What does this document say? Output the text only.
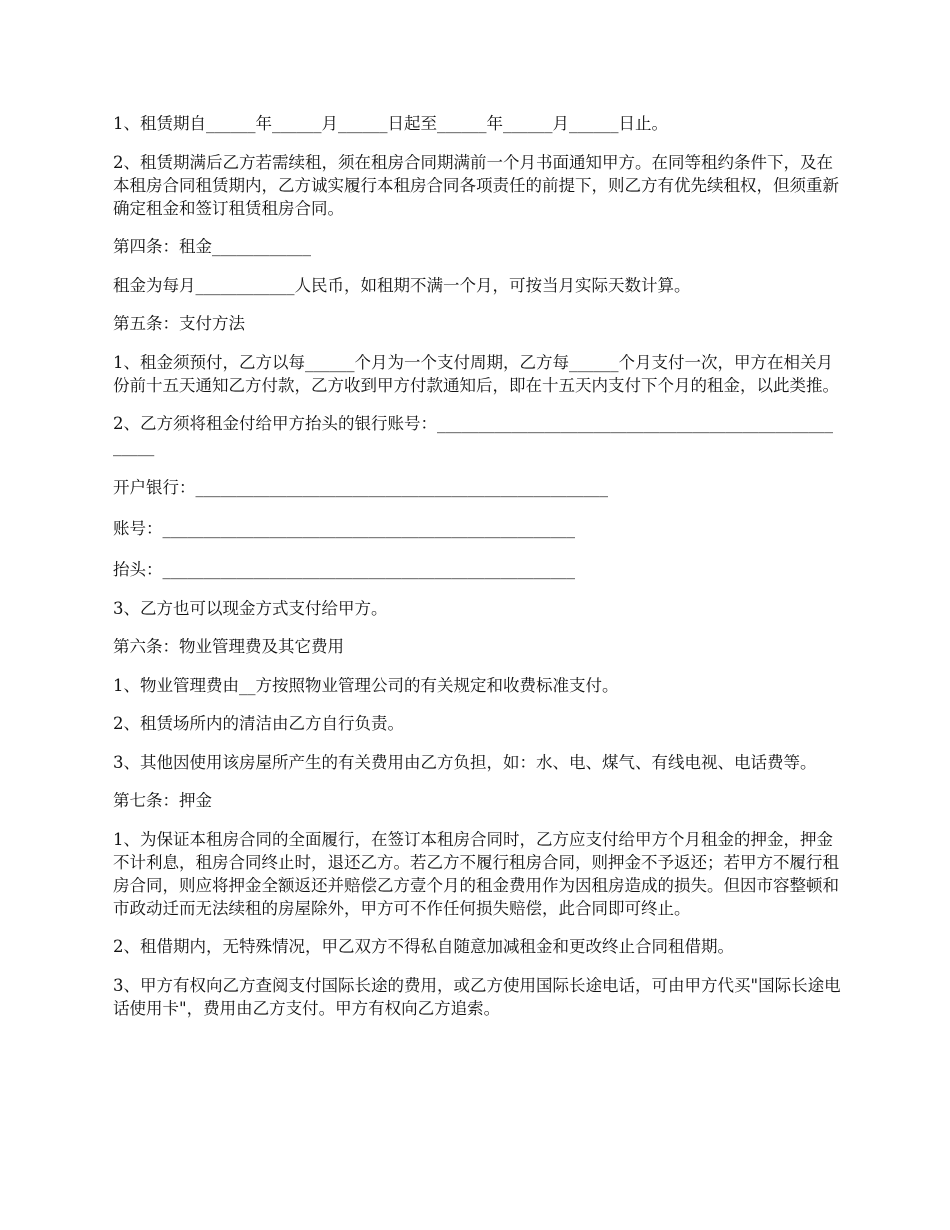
1、租赁期自______年______月______日起至______年______月______日止。

2、租赁期满后乙方若需续租，须在租房合同期满前一个月书面通知甲方。在同等租约条件下，及在本租房合同租赁期内，乙方诚实履行本租房合同各项责任的前提下，则乙方有优先续租权，但须重新确定租金和签订租赁租房合同。

第四条：租金____________

租金为每月____________人民币，如租期不满一个月，可按当月实际天数计算。

第五条：支付方法

1、租金须预付，乙方以每______个月为一个支付周期，乙方每______个月支付一次，甲方在相关月份前十五天通知乙方付款，乙方收到甲方付款通知后，即在十五天内支付下个月的租金，以此类推。

2、乙方须将租金付给甲方抬头的银行账号：_____________________________________________________

开户银行：__________________________________________________

账号：__________________________________________________

抬头：__________________________________________________

3、乙方也可以现金方式支付给甲方。

第六条：物业管理费及其它费用

1、物业管理费由__方按照物业管理公司的有关规定和收费标准支付。

2、租赁场所内的清洁由乙方自行负责。

3、其他因使用该房屋所产生的有关费用由乙方负担，如：水、电、煤气、有线电视、电话费等。

第七条：押金

1、为保证本租房合同的全面履行，在签订本租房合同时，乙方应支付给甲方个月租金的押金，押金不计利息，租房合同终止时，退还乙方。若乙方不履行租房合同，则押金不予返还；若甲方不履行租房合同，则应将押金全额返还并赔偿乙方壹个月的租金费用作为因租房造成的损失。但因市容整顿和市政动迁而无法续租的房屋除外，甲方可不作任何损失赔偿，此合同即可终止。

2、租借期内，无特殊情况，甲乙双方不得私自随意加减租金和更改终止合同租借期。

3、甲方有权向乙方查阅支付国际长途的费用，或乙方使用国际长途电话，可由甲方代买"国际长途电话使用卡"，费用由乙方支付。甲方有权向乙方追索。
